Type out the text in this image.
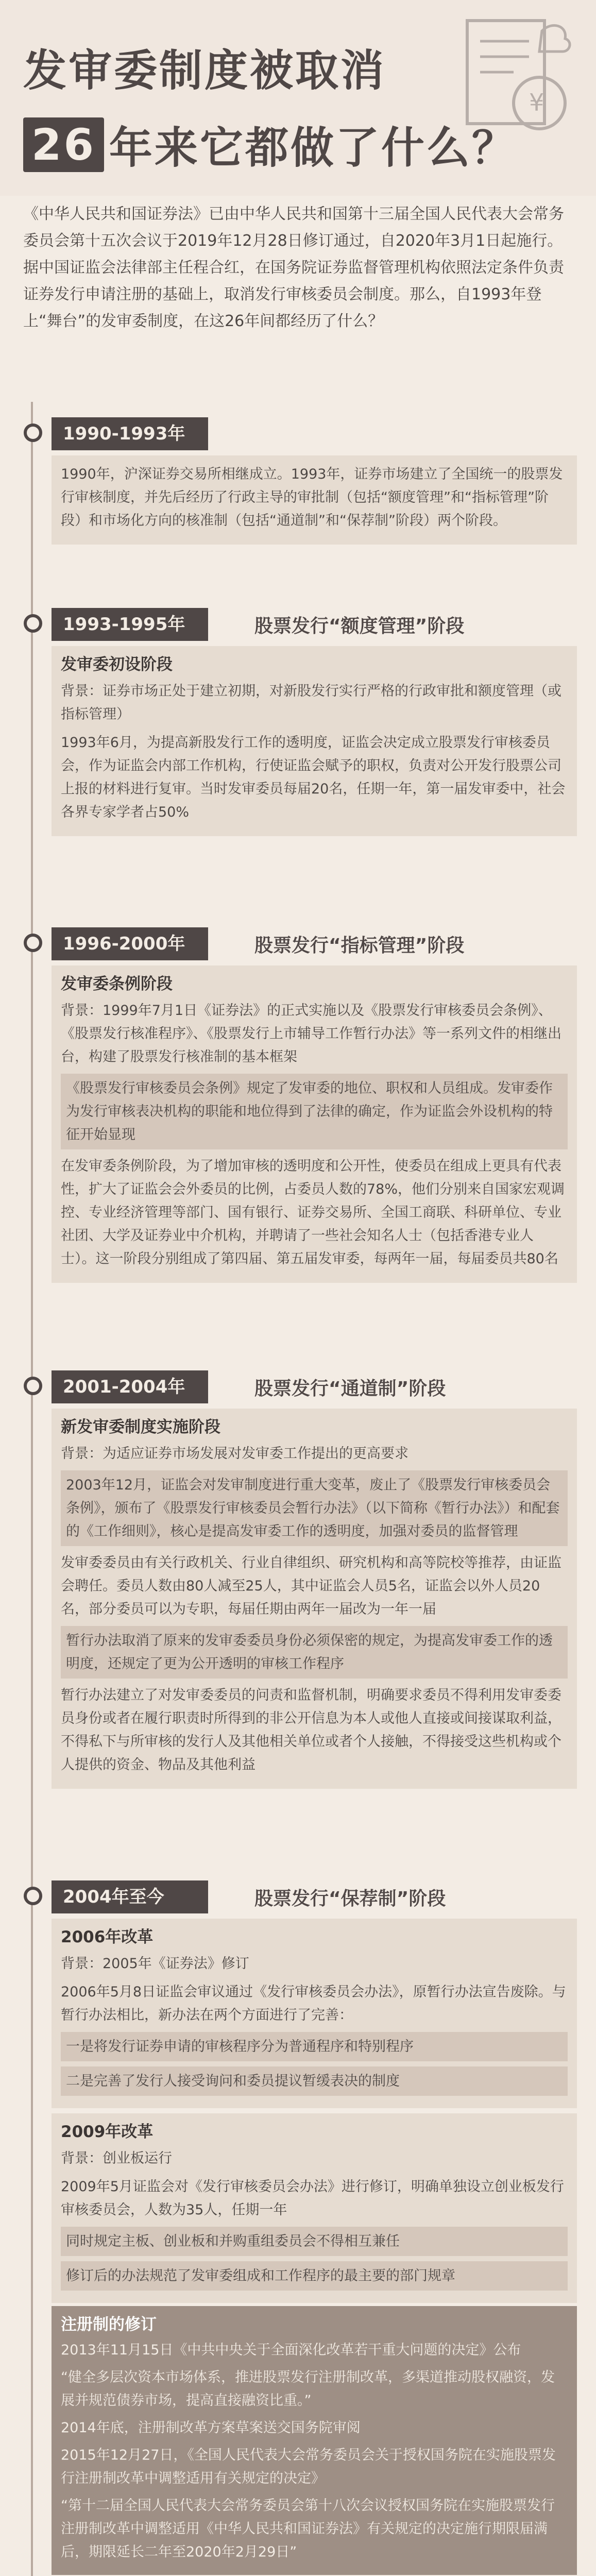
发审委制度被取消
26 年来它都做了什么？
¥
《中华人民共和国证券法》已由中华人民共和国第十三届全国人民代表大会常务委员会第十五次会议于2019年12月28日修订通过，自2020年3月1日起施行。据中国证监会法律部主任程合红，在国务院证券监督管理机构依照法定条件负责证券发行申请注册的基础上，取消发行审核委员会制度。那么，自1993年登上“舞台”的发审委制度，在这26年间都经历了什么？
1990-1993年

1990年，沪深证券交易所相继成立。1993年，证券市场建立了全国统一的股票发行审核制度，并先后经历了行政主导的审批制（包括“额度管理”和“指标管理”阶段）和市场化方向的核准制（包括“通道制”和“保荐制”阶段）两个阶段。

1993-1995年	股票发行“额度管理”阶段
发审委初设阶段

背景：证券市场正处于建立初期，对新股发行实行严格的行政审批和额度管理（或指标管理）

1993年6月，为提高新股发行工作的透明度，证监会决定成立股票发行审核委员会，作为证监会内部工作机构，行使证监会赋予的职权，负责对公开发行股票公司上报的材料进行复审。当时发审委员每届20名，任期一年，第一届发审委中，社会各界专家学者占50%

1996-2000年	股票发行“指标管理”阶段
发审委条例阶段

背景：1999年7月1日《证券法》的正式实施以及《股票发行审核委员会条例》、《股票发行核准程序》、《股票发行上市辅导工作暂行办法》等一系列文件的相继出台，构建了股票发行核准制的基本框架

《股票发行审核委员会条例》规定了发审委的地位、职权和人员组成。发审委作为发行审核表决机构的职能和地位得到了法律的确定，作为证监会外设机构的特征开始显现

在发审委条例阶段，为了增加审核的透明度和公开性，使委员在组成上更具有代表性，扩大了证监会会外委员的比例，占委员人数的78%，他们分别来自国家宏观调控、专业经济管理等部门、国有银行、证券交易所、全国工商联、科研单位、专业社团、大学及证券业中介机构，并聘请了一些社会知名人士（包括香港专业人士）。这一阶段分别组成了第四届、第五届发审委，每两年一届，每届委员共80名

2001-2004年	股票发行“通道制”阶段
新发审委制度实施阶段

背景：为适应证券市场发展对发审委工作提出的更高要求

2003年12月，证监会对发审制度进行重大变革，废止了《股票发行审核委员会条例》，颁布了《股票发行审核委员会暂行办法》（以下简称《暂行办法》）和配套的《工作细则》，核心是提高发审委工作的透明度，加强对委员的监督管理

发审委委员由有关行政机关、行业自律组织、研究机构和高等院校等推荐，由证监会聘任。委员人数由80人减至25人，其中证监会人员5名，证监会以外人员20名，部分委员可以为专职，每届任期由两年一届改为一年一届

暂行办法取消了原来的发审委委员身份必须保密的规定，为提高发审委工作的透明度，还规定了更为公开透明的审核工作程序

暂行办法建立了对发审委委员的问责和监督机制，明确要求委员不得利用发审委委员身份或者在履行职责时所得到的非公开信息为本人或他人直接或间接谋取利益，不得私下与所审核的发行人及其他相关单位或者个人接触，不得接受这些机构或个人提供的资金、物品及其他利益

2004年至今	股票发行“保荐制”阶段
2006年改革

背景：2005年《证券法》修订

2006年5月8日证监会审议通过《发行审核委员会办法》，原暂行办法宣告废除。与暂行办法相比，新办法在两个方面进行了完善：

一是将发行证券申请的审核程序分为普通程序和特别程序

二是完善了发行人接受询问和委员提议暂缓表决的制度

2009年改革

背景：创业板运行

2009年5月证监会对《发行审核委员会办法》进行修订，明确单独设立创业板发行审核委员会，人数为35人，任期一年

同时规定主板、创业板和并购重组委员会不得相互兼任

修订后的办法规范了发审委组成和工作程序的最主要的部门规章

注册制的修订

2013年11月15日《中共中央关于全面深化改革若干重大问题的决定》公布

“健全多层次资本市场体系，推进股票发行注册制改革，多渠道推动股权融资，发展并规范债券市场，提高直接融资比重。”

2014年底，注册制改革方案草案送交国务院审阅

2015年12月27日，《全国人民代表大会常务委员会关于授权国务院在实施股票发行注册制改革中调整适用有关规定的决定》

“第十二届全国人民代表大会常务委员会第十八次会议授权国务院在实施股票发行注册制改革中调整适用《中华人民共和国证券法》有关规定的决定施行期限届满后，期限延长二年至2020年2月29日”
